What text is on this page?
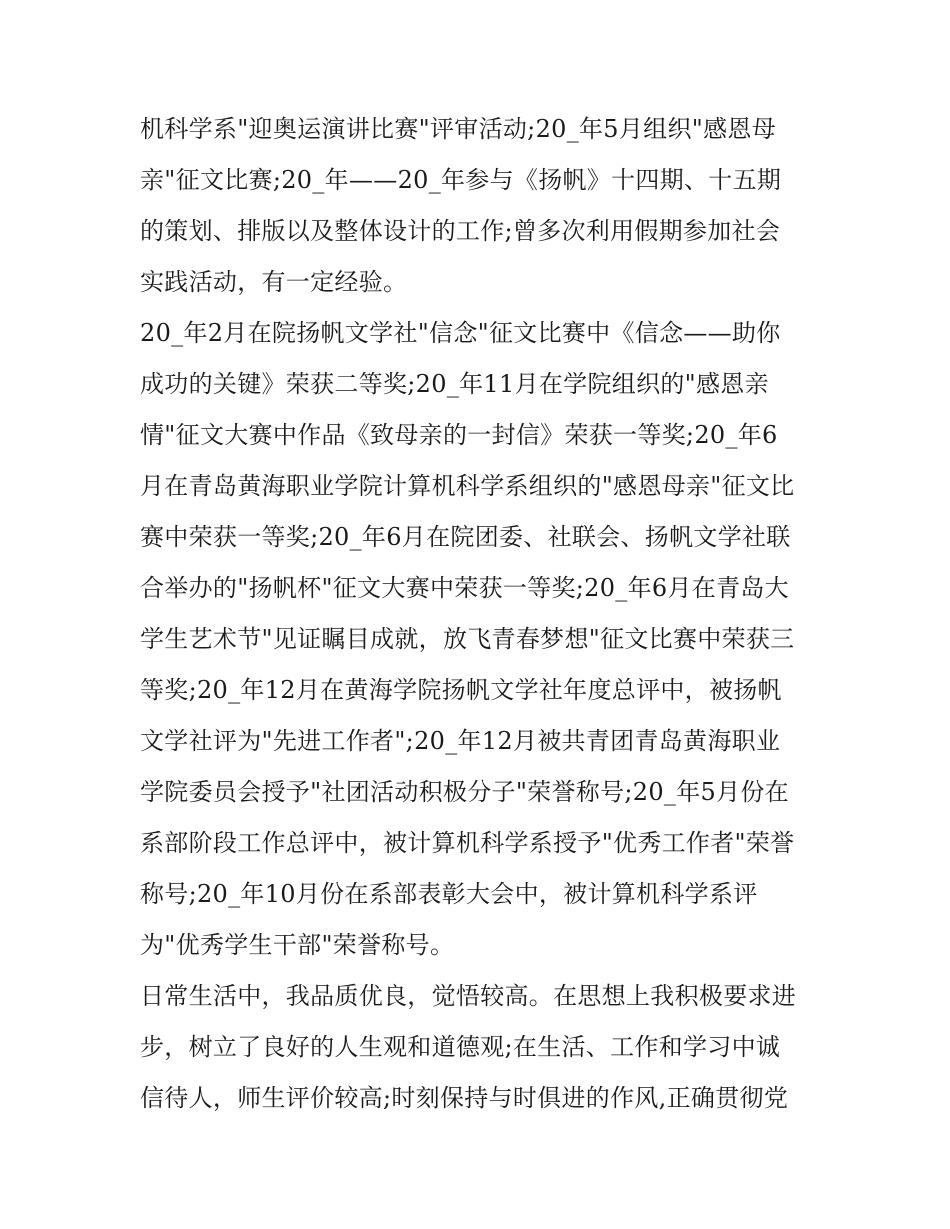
机科学系"迎奥运演讲比赛"评审活动;20_年5月组织"感恩母
亲"征文比赛;20_年——20_年参与《扬帆》十四期、十五期
的策划、排版以及整体设计的工作;曾多次利用假期参加社会
实践活动，有一定经验。
20_年2月在院扬帆文学社"信念"征文比赛中《信念——助你
成功的关键》荣获二等奖;20_年11月在学院组织的"感恩亲
情"征文大赛中作品《致母亲的一封信》荣获一等奖;20_年6
月在青岛黄海职业学院计算机科学系组织的"感恩母亲"征文比
赛中荣获一等奖;20_年6月在院团委、社联会、扬帆文学社联
合举办的"扬帆杯"征文大赛中荣获一等奖;20_年6月在青岛大
学生艺术节"见证瞩目成就，放飞青春梦想"征文比赛中荣获三
等奖;20_年12月在黄海学院扬帆文学社年度总评中，被扬帆
文学社评为"先进工作者";20_年12月被共青团青岛黄海职业
学院委员会授予"社团活动积极分子"荣誉称号;20_年5月份在
系部阶段工作总评中，被计算机科学系授予"优秀工作者"荣誉
称号;20_年10月份在系部表彰大会中，被计算机科学系评
为"优秀学生干部"荣誉称号。
日常生活中，我品质优良，觉悟较高。在思想上我积极要求进
步，树立了良好的人生观和道德观;在生活、工作和学习中诚
信待人，师生评价较高;时刻保持与时俱进的作风,正确贯彻党
